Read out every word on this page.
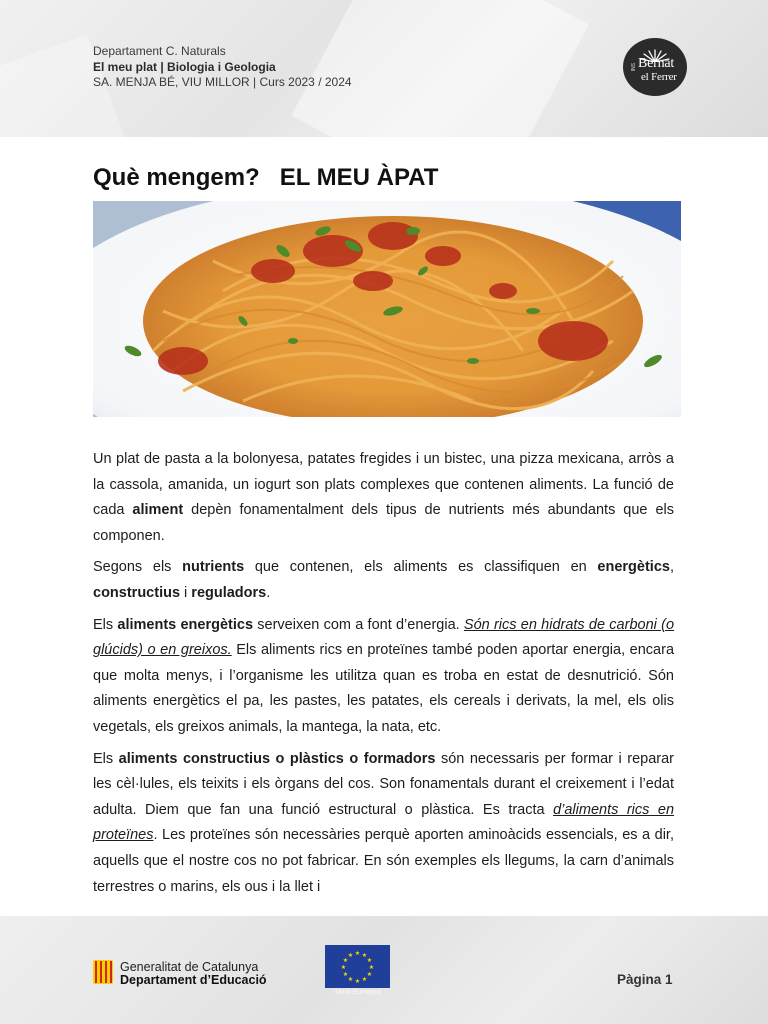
Departament C. Naturals
El meu plat | Biologia i Geologia
SA. MENJA BÉ, VIU MILLOR | Curs 2023 / 2024
INS Bernat
el Ferrer
Què mengem?   EL MEU ÀPAT

Un plat de pasta a la bolonyesa, patates fregides i un bistec, una pizza mexicana, arròs a la cassola, amanida, un iogurt son plats complexes que contenen aliments. La funció de cada aliment depèn fonamentalment dels tipus de nutrients més abundants que els componen.

Segons els nutrients que contenen, els aliments es classifiquen en energètics, constructius i reguladors.

Els aliments energètics serveixen com a font d’energia. Són rics en hidrats de carboni (o glúcids) o en greixos. Els aliments rics en proteïnes també poden aportar energia, encara que molta menys, i l’organisme les utilitza quan es troba en estat de desnutrició. Són aliments energètics el pa, les pastes, les patates, els cereals i derivats, la mel, els olis vegetals, els greixos animals, la mantega, la nata, etc.

Els aliments constructius o plàstics o formadors són necessaris per formar i reparar les cèl·lules, els teixits i els òrgans del cos. Son fonamentals durant el creixement i l’edat adulta. Diem que fan una funció estructural o plàstica. Es tracta d’aliments rics en proteïnes. Les proteïnes són necessàries perquè aporten aminoàcids essencials, es a dir, aquells que el nostre cos no pot fabricar. En són exemples els llegums, la carn d’animals terrestres o marins, els ous i la llet i

Generalitat de Catalunya
Departament d’Educació
★ ★
★
★
★
★
★
★
★
★
★
★
Unió Europea
Pàgina 1
